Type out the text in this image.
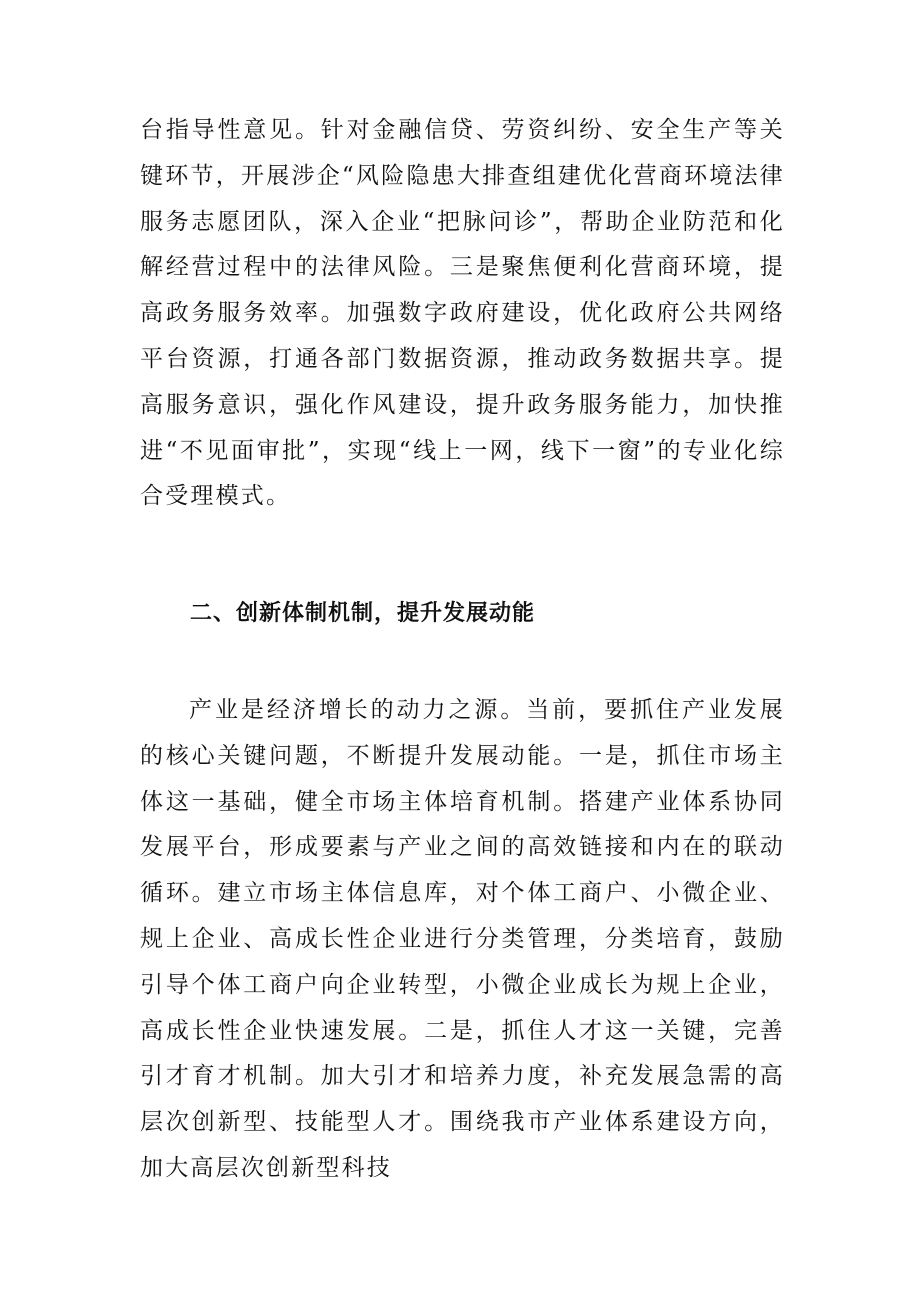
台指导性意见。针对金融信贷、劳资纠纷、安全生产等关键环节，开展涉企“风险隐患大排查组建优化营商环境法律服务志愿团队，深入企业“把脉问诊”，帮助企业防范和化解经营过程中的法律风险。三是聚焦便利化营商环境，提高政务服务效率。加强数字政府建设，优化政府公共网络平台资源，打通各部门数据资源，推动政务数据共享。提高服务意识，强化作风建设，提升政务服务能力，加快推进“不见面审批”，实现“线上一网，线下一窗”的专业化综合受理模式。

二、创新体制机制，提升发展动能

产业是经济增长的动力之源。当前，要抓住产业发展的核心关键问题，不断提升发展动能。一是，抓住市场主体这一基础，健全市场主体培育机制。搭建产业体系协同发展平台，形成要素与产业之间的高效链接和内在的联动循环。建立市场主体信息库，对个体工商户、小微企业、规上企业、高成长性企业进行分类管理，分类培育，鼓励引导个体工商户向企业转型，小微企业成长为规上企业，高成长性企业快速发展。二是，抓住人才这一关键，完善引才育才机制。加大引才和培养力度，补充发展急需的高层次创新型、技能型人才。围绕我市产业体系建设方向，加大高层次创新型科技
